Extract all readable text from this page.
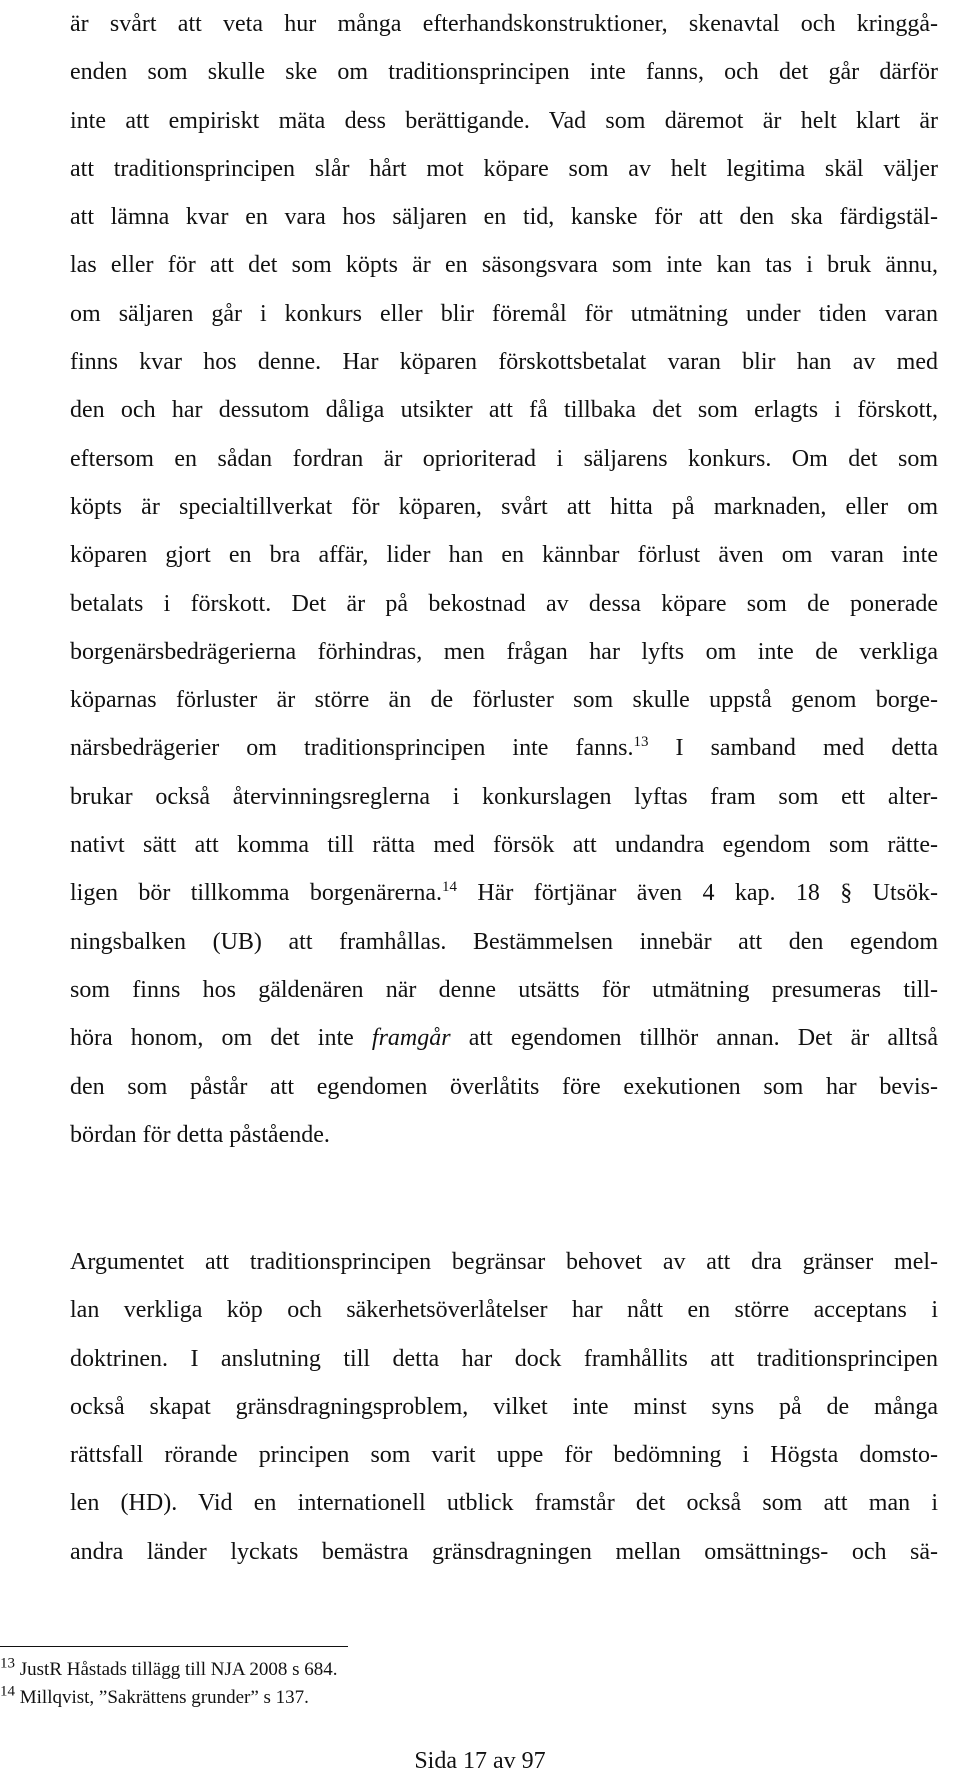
är svårt att veta hur många efterhandskonstruktioner, skenavtal och kringgå-
enden som skulle ske om traditionsprincipen inte fanns, och det går därför
inte att empiriskt mäta dess berättigande. Vad som däremot är helt klart är
att traditionsprincipen slår hårt mot köpare som av helt legitima skäl väljer
att lämna kvar en vara hos säljaren en tid, kanske för att den ska färdigstäl-
las eller för att det som köpts är en säsongsvara som inte kan tas i bruk ännu,
om säljaren går i konkurs eller blir föremål för utmätning under tiden varan
finns kvar hos denne. Har köparen förskottsbetalat varan blir han av med
den och har dessutom dåliga utsikter att få tillbaka det som erlagts i förskott,
eftersom en sådan fordran är oprioriterad i säljarens konkurs. Om det som
köpts är specialtillverkat för köparen, svårt att hitta på marknaden, eller om
köparen gjort en bra affär, lider han en kännbar förlust även om varan inte
betalats i förskott. Det är på bekostnad av dessa köpare som de ponerade
borgenärsbedrägerierna förhindras, men frågan har lyfts om inte de verkliga
köparnas förluster är större än de förluster som skulle uppstå genom borge-
närsbedrägerier om traditionsprincipen inte fanns.$^{13}$ I samband med detta
brukar också återvinningsreglerna i konkurslagen lyftas fram som ett alter-
nativt sätt att komma till rätta med försök att undandra egendom som rätte-
ligen bör tillkomma borgenärerna.$^{14}$ Här förtjänar även 4 kap. 18 § Utsök-
ningsbalken (UB) att framhållas. Bestämmelsen innebär att den egendom
som finns hos gäldenären när denne utsätts för utmätning presumeras till-
höra honom, om det inte framgår att egendomen tillhör annan. Det är alltså
den som påstår att egendomen överlåtits före exekutionen som har bevis-
bördan för detta påstående.
Argumentet att traditionsprincipen begränsar behovet av att dra gränser mel-
lan verkliga köp och säkerhetsöverlåtelser har nått en större acceptans i
doktrinen. I anslutning till detta har dock framhållits att traditionsprincipen
också skapat gränsdragningsproblem, vilket inte minst syns på de många
rättsfall rörande principen som varit uppe för bedömning i Högsta domsto-
len (HD). Vid en internationell utblick framstår det också som att man i
andra länder lyckats bemästra gränsdragningen mellan omsättnings- och sä-
$^{13}$ JustR Håstads tillägg till NJA 2008 s 684.
$^{14}$ Millqvist, ”Sakrättens grunder” s 137.
Sida 17 av 97
